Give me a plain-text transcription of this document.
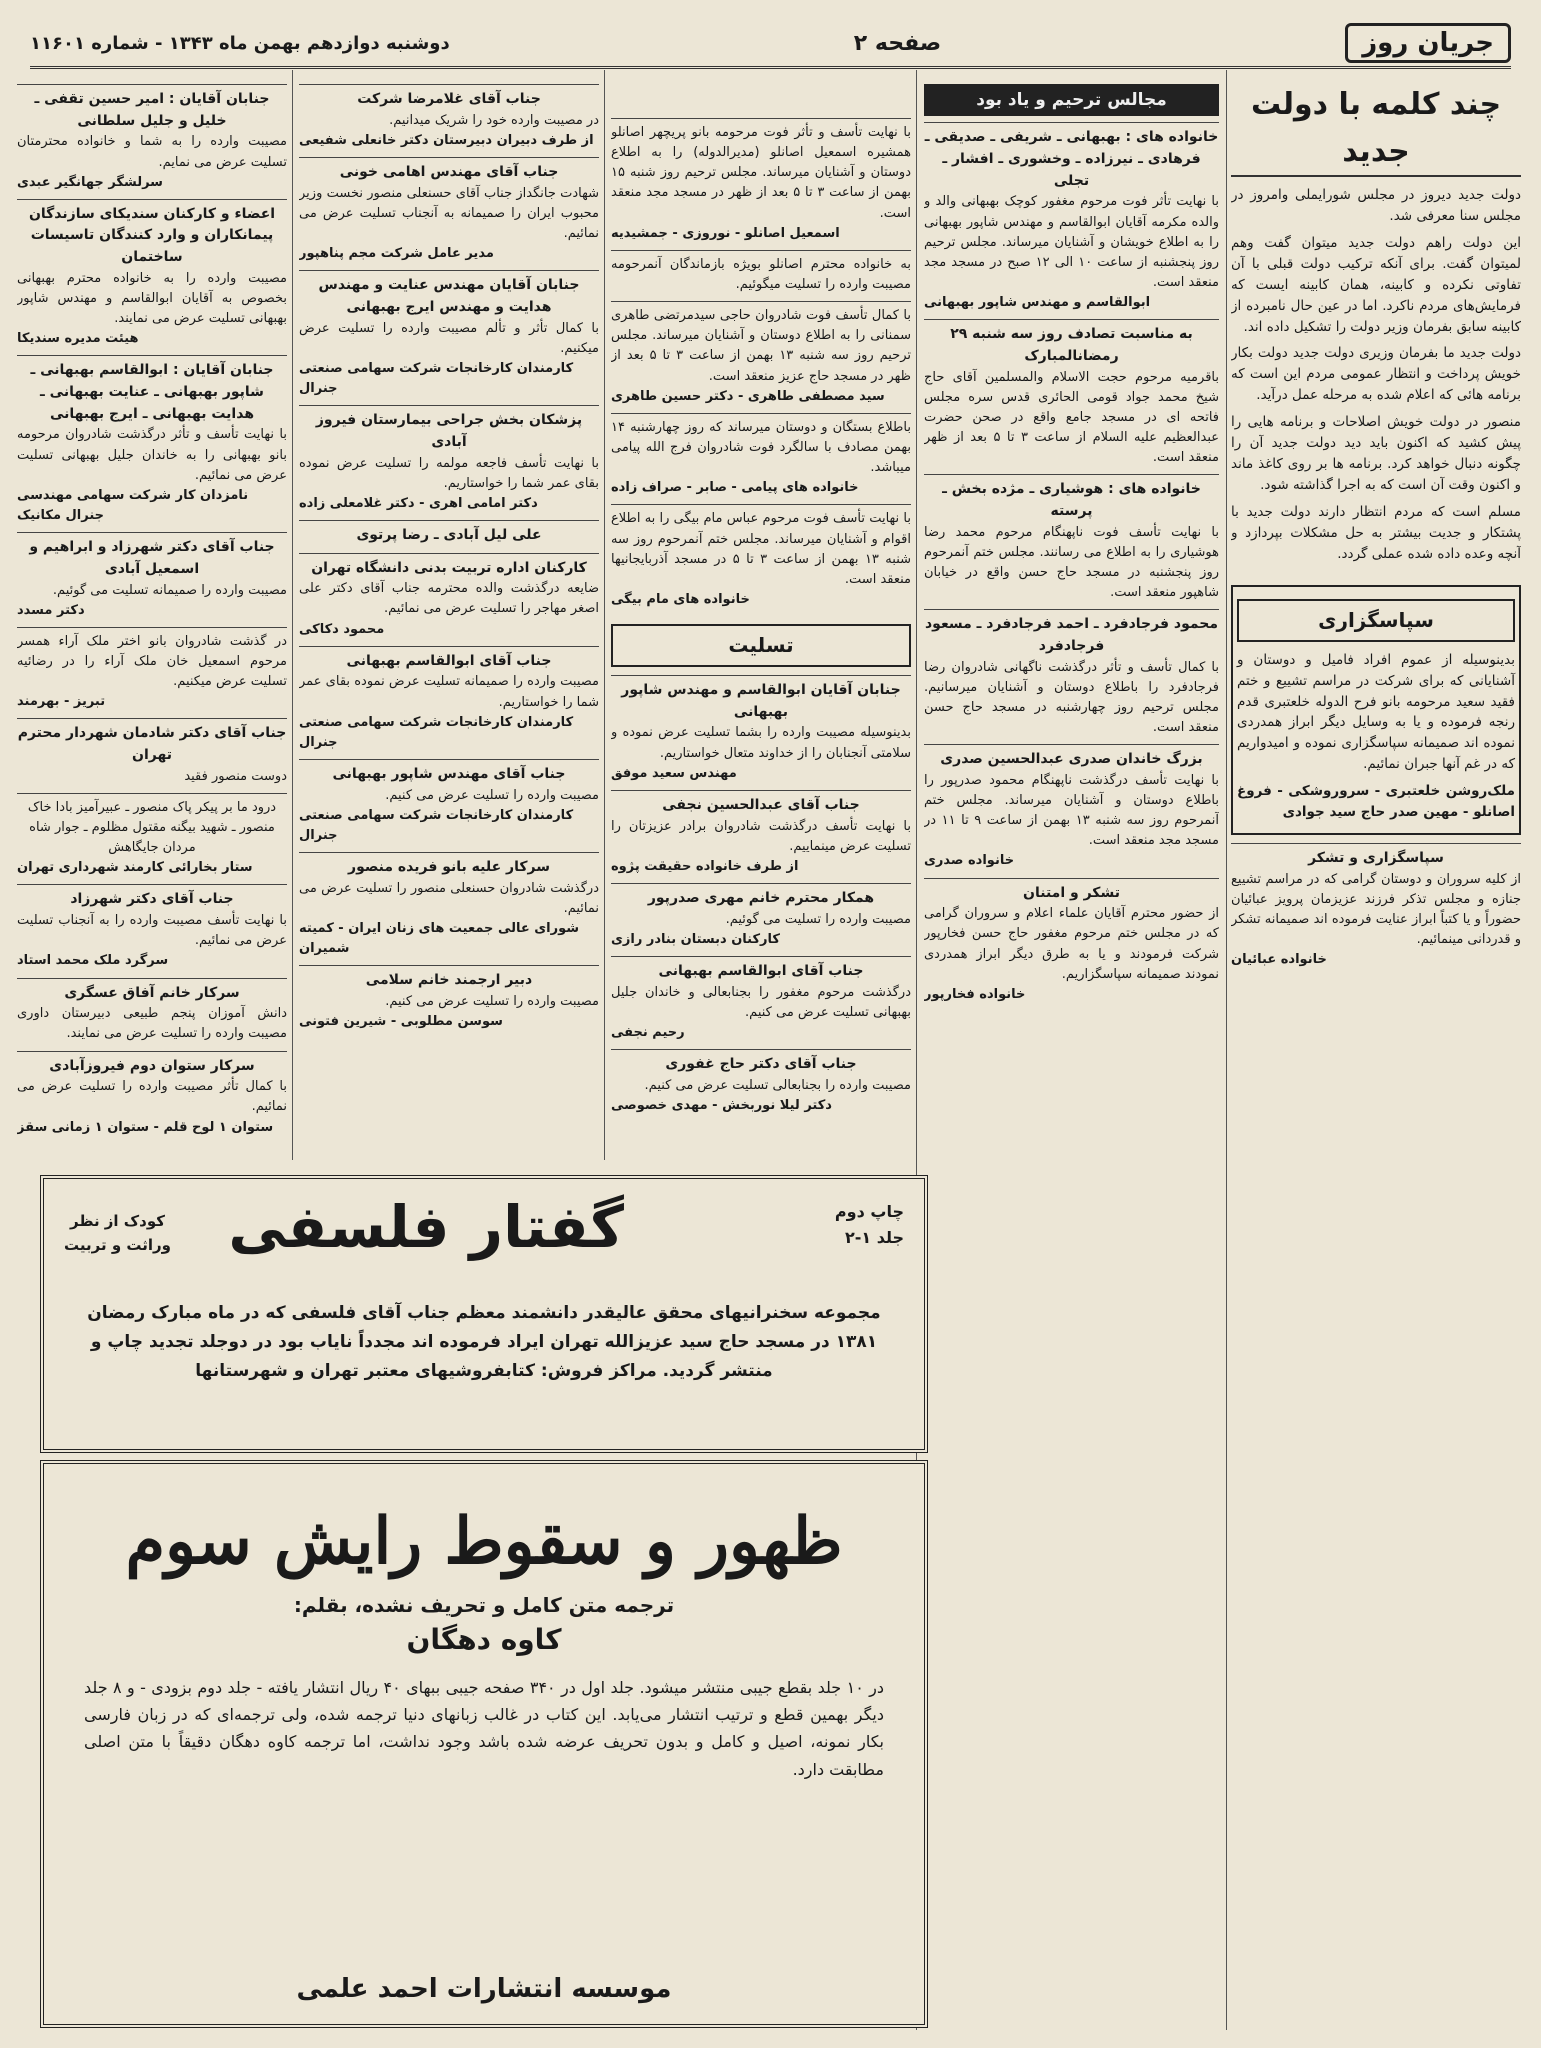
جریان روز
صفحه ۲
دوشنبه دوازدهم بهمن ماه ۱۳۴۳ - شماره ۱۱۶۰۱
چند کلمه با دولت جدید

دولت جدید دیروز در مجلس شورایملی وامروز در مجلس سنا معرفی شد.

این دولت راهم دولت جدید میتوان گفت وهم لمیتوان گفت. برای آنکه ترکیب دولت قبلی با آن تفاوتی نکرده و کابینه، همان کابینه ایست که فرمایش‌های مردم ناکرد. اما در عین حال نامبرده از کابینه سابق بفرمان وزیر دولت را تشکیل داده اند.

دولت جدید ما بفرمان وزیری دولت جدید دولت بکار خویش پرداخت و انتظار عمومی مردم این است که برنامه هائی که اعلام شده به مرحله عمل درآید.

منصور در دولت خویش اصلاحات و برنامه هایی را پیش کشید که اکنون باید دید دولت جدید آن را چگونه دنبال خواهد کرد. برنامه ها بر روی کاغذ ماند و اکنون وقت آن است که به اجرا گذاشته شود.

مسلم است که مردم انتظار دارند دولت جدید با پشتکار و جدیت بیشتر به حل مشکلات بپردازد و آنچه وعده داده شده عملی گردد.

سپاسگزاری

بدینوسیله از عموم افراد فامیل و دوستان و آشنایانی که برای شرکت در مراسم تشییع و ختم فقید سعید مرحومه بانو فرح الدوله خلعتبری قدم رنجه فرموده و یا به وسایل دیگر ابراز همدردی نموده اند صمیمانه سپاسگزاری نموده و امیدواریم که در غم آنها جبران نمائیم.

ملک‌روشن خلعتبری - سروروشکی - فروغ اصانلو - مهین صدر حاج سید جوادی

سپاسگزاری و تشکر
از کلیه سروران و دوستان گرامی که در مراسم تشییع جنازه و مجلس تذکر فرزند عزیزمان پرویز عبائیان حضوراً و یا کتباً ابراز عنایت فرموده اند صمیمانه تشکر و قدردانی مینمائیم.
خانواده عبائیان
مجالس ترحیم و یاد بود
خانواده های : بهبهانی ـ شریفی ـ صدیقی ـ فرهادی ـ نیرزاده ـ وخشوری ـ افشار ـ تجلی
با نهایت تأثر فوت مرحوم مغفور کوچک بهبهانی والد و والده مکرمه آقایان ابوالقاسم و مهندس شاپور بهبهانی را به اطلاع خویشان و آشنایان میرساند. مجلس ترحیم روز پنجشنبه از ساعت ۱۰ الی ۱۲ صبح در مسجد مجد منعقد است.
ابوالقاسم و مهندس شاپور بهبهانی
به مناسبت تصادف روز سه شنبه ۲۹ رمضانالمبارک
باقرمیه مرحوم حجت الاسلام والمسلمین آقای حاج شیخ محمد جواد قومی الحائری قدس سره مجلس فاتحه ای در مسجد جامع واقع در صحن حضرت عبدالعظیم علیه السلام از ساعت ۳ تا ۵ بعد از ظهر منعقد است.
خانواده های : هوشیاری ـ مژده بخش ـ پرسته
با نهایت تأسف فوت ناپهنگام مرحوم محمد رضا هوشیاری را به اطلاع می رسانند. مجلس ختم آنمرحوم روز پنجشنبه در مسجد حاج حسن واقع در خیابان شاهپور منعقد است.
محمود فرجادفرد ـ احمد فرجادفرد ـ مسعود فرجادفرد
با کمال تأسف و تأثر درگذشت ناگهانی شادروان رضا فرجادفرد را باطلاع دوستان و آشنایان میرسانیم. مجلس ترحیم روز چهارشنبه در مسجد حاج حسن منعقد است.
بزرگ خاندان صدری عبدالحسین صدری
با نهایت تأسف درگذشت ناپهنگام محمود صدرپور را باطلاع دوستان و آشنایان میرساند. مجلس ختم آنمرحوم روز سه شنبه ۱۳ بهمن از ساعت ۹ تا ۱۱ در مسجد مجد منعقد است.
خانواده صدری
تشکر و امتنان
از حضور محترم آقایان علماء اعلام و سروران گرامی که در مجلس ختم مرحوم مغفور حاج حسن فخارپور شرکت فرمودند و یا به طرق دیگر ابراز همدردی نمودند صمیمانه سپاسگزاریم.
خانواده فخارپور
با نهایت تأسف و تأثر فوت مرحومه بانو پریچهر اصانلو همشیره اسمعیل اصانلو (مدیرالدوله) را به اطلاع دوستان و آشنایان میرساند. مجلس ترحیم روز شنبه ۱۵ بهمن از ساعت ۳ تا ۵ بعد از ظهر در مسجد مجد منعقد است.
اسمعیل اصانلو - نوروزی - جمشیدیه
به خانواده محترم اصانلو بویژه بازماندگان آنمرحومه مصیبت وارده را تسلیت میگوئیم.
با کمال تأسف فوت شادروان حاجی سیدمرتضی طاهری سمنانی را به اطلاع دوستان و آشنایان میرساند. مجلس ترحیم روز سه شنبه ۱۳ بهمن از ساعت ۳ تا ۵ بعد از ظهر در مسجد حاج عزیز منعقد است.
سید مصطفی طاهری - دکتر حسین طاهری
باطلاع بستگان و دوستان میرساند که روز چهارشنبه ۱۴ بهمن مصادف با سالگرد فوت شادروان فرج الله پیامی میباشد.
خانواده های پیامی - صابر - صراف زاده
با نهایت تأسف فوت مرحوم عباس مام بیگی را به اطلاع اقوام و آشنایان میرساند. مجلس ختم آنمرحوم روز سه شنبه ۱۳ بهمن از ساعت ۳ تا ۵ در مسجد آذربایجانیها منعقد است.
خانواده های مام بیگی
تسلیت
جنابان آقایان ابوالقاسم و مهندس شاپور بهبهانی
بدینوسیله مصیبت وارده را بشما تسلیت عرض نموده و سلامتی آنجنابان را از خداوند متعال خواستاریم.
مهندس سعید موفق
جناب آقای عبدالحسین نجفی
با نهایت تأسف درگذشت شادروان برادر عزیزتان را تسلیت عرض مینماییم.
از طرف خانواده حقیقت پژوه
همکار محترم خانم مهری صدرپور
مصیبت وارده را تسلیت می گوئیم.
کارکنان دبستان بنادر رازی
جناب آقای ابوالقاسم بهبهانی
درگذشت مرحوم مغفور را بجنابعالی و خاندان جلیل بهبهانی تسلیت عرض می کنیم.
رحیم نجفی
جناب آقای دکتر حاج غفوری
مصیبت وارده را بجنابعالی تسلیت عرض می کنیم.
دکتر لیلا نوربخش - مهدی خصوصی
جناب آقای غلامرضا شرکت
در مصیبت وارده خود را شریک میدانیم.
از طرف دبیران دبیرستان دکتر خانعلی شفیعی
جناب آقای مهندس اهامی خونی
شهادت جانگداز جناب آقای حسنعلی منصور نخست وزیر محبوب ایران را صمیمانه به آنجناب تسلیت عرض می نمائیم.
مدیر عامل شرکت مجم پناهپور
جنابان آقایان مهندس عنایت و مهندس هدایت و مهندس ایرج بهبهانی
با کمال تأثر و تألم مصیبت وارده را تسلیت عرض میکنیم.
کارمندان کارخانجات شرکت سهامی صنعتی جنرال
پزشکان بخش جراحی بیمارستان فیروز آبادی
با نهایت تأسف فاجعه مولمه را تسلیت عرض نموده بقای عمر شما را خواستاریم.
دکتر امامی اهری - دکتر غلامعلی زاده
علی لیل آبادی ـ رضا پرتوی
کارکنان اداره تربیت بدنی دانشگاه تهران
ضایعه درگذشت والده محترمه جناب آقای دکتر علی اصغر مهاجر را تسلیت عرض می نمائیم.
محمود دکاکی
جناب آقای ابوالقاسم بهبهانی
مصیبت وارده را صمیمانه تسلیت عرض نموده بقای عمر شما را خواستاریم.
کارمندان کارخانجات شرکت سهامی صنعتی جنرال
جناب آقای مهندس شاپور بهبهانی
مصیبت وارده را تسلیت عرض می کنیم.
کارمندان کارخانجات شرکت سهامی صنعتی جنرال
سرکار علیه بانو فریده منصور
درگذشت شادروان حسنعلی منصور را تسلیت عرض می نمائیم.
شورای عالی جمعیت های زنان ایران - کمیته شمیران
دبیر ارجمند خانم سلامی
مصیبت وارده را تسلیت عرض می کنیم.
سوسن مطلوبی - شیرین فتونی
جنابان آقایان : امیر حسین تقفی ـ خلیل و جلیل سلطانی
مصیبت وارده را به شما و خانواده محترمتان تسلیت عرض می نمایم.
سرلشگر جهانگیر عبدی
اعضاء و کارکنان سندیکای سازندگان پیمانکاران و وارد کنندگان تاسیسات ساختمان
مصیبت وارده را به خانواده محترم بهبهانی بخصوص به آقایان ابوالقاسم و مهندس شاپور بهبهانی تسلیت عرض می نمایند.
هیئت مدیره سندیکا
جنابان آقایان : ابوالقاسم بهبهانی ـ شاپور بهبهانی ـ عنایت بهبهانی ـ هدایت بهبهانی ـ ایرج بهبهانی
با نهایت تأسف و تأثر درگذشت شادروان مرحومه بانو بهبهانی را به خاندان جلیل بهبهانی تسلیت عرض می نمائیم.
نامزدان کار شرکت سهامی مهندسی جنرال مکانیک
جناب آقای دکتر شهرزاد و ابراهیم و اسمعیل آبادی
مصیبت وارده را صمیمانه تسلیت می گوئیم.
دکتر مسدد
در گذشت شادروان بانو اختر ملک آراء همسر مرحوم اسمعیل خان ملک آراء را در رضائیه تسلیت عرض میکنیم.
تبریز - بهرمند
جناب آقای دکتر شادمان شهردار محترم تهران
دوست منصور فقید
درود ما بر پیکر پاک منصور ـ عبیرآمیز بادا خاک منصور ـ شهید بیگنه مقتول مظلوم ـ جوار شاه مردان جایگاهش
ستار بخارائی کارمند شهرداری تهران
جناب آقای دکتر شهرزاد
با نهایت تأسف مصیبت وارده را به آنجناب تسلیت عرض می نمائیم.
سرگرد ملک محمد استاد
سرکار خانم آفاق عسگری
دانش آموزان پنجم طبیعی دبیرستان داوری مصیبت وارده را تسلیت عرض می نمایند.
سرکار ستوان دوم فیروزآبادی
با کمال تأثر مصیبت وارده را تسلیت عرض می نمائیم.
ستوان ۱ لوح قلم - ستوان ۱ زمانی سقز
چاپ دوم
جلد ۱-۲
گفتار فلسفی
کودک از نظر
وراثت و تربیت
مجموعه سخنرانیهای محقق عالیقدر دانشمند معظم جناب آقای فلسفی که در ماه مبارک رمضان ۱۳۸۱ در مسجد حاج سید عزیزالله تهران ایراد فرموده اند مجدداً نایاب بود در دوجلد تجدید چاپ و منتشر گردید. مراکز فروش: کتابفروشیهای معتبر تهران و شهرستانها
ظهور و سقوط رایش سوم
ترجمه متن کامل و تحریف نشده، بقلم:
کاوه دهگان
در ۱۰ جلد بقطع جیبی منتشر میشود. جلد اول در ۳۴۰ صفحه جیبی ببهای ۴۰ ریال انتشار یافته - جلد دوم بزودی - و ۸ جلد دیگر بهمین قطع و ترتیب انتشار می‌یابد. این کتاب در غالب زبانهای دنیا ترجمه شده، ولی ترجمه‌ای که در زبان فارسی بکار نمونه، اصیل و کامل و بدون تحریف عرضه شده باشد وجود نداشت، اما ترجمه کاوه دهگان دقیقاً با متن اصلی مطابقت دارد.
موسسه انتشارات احمد علمی
